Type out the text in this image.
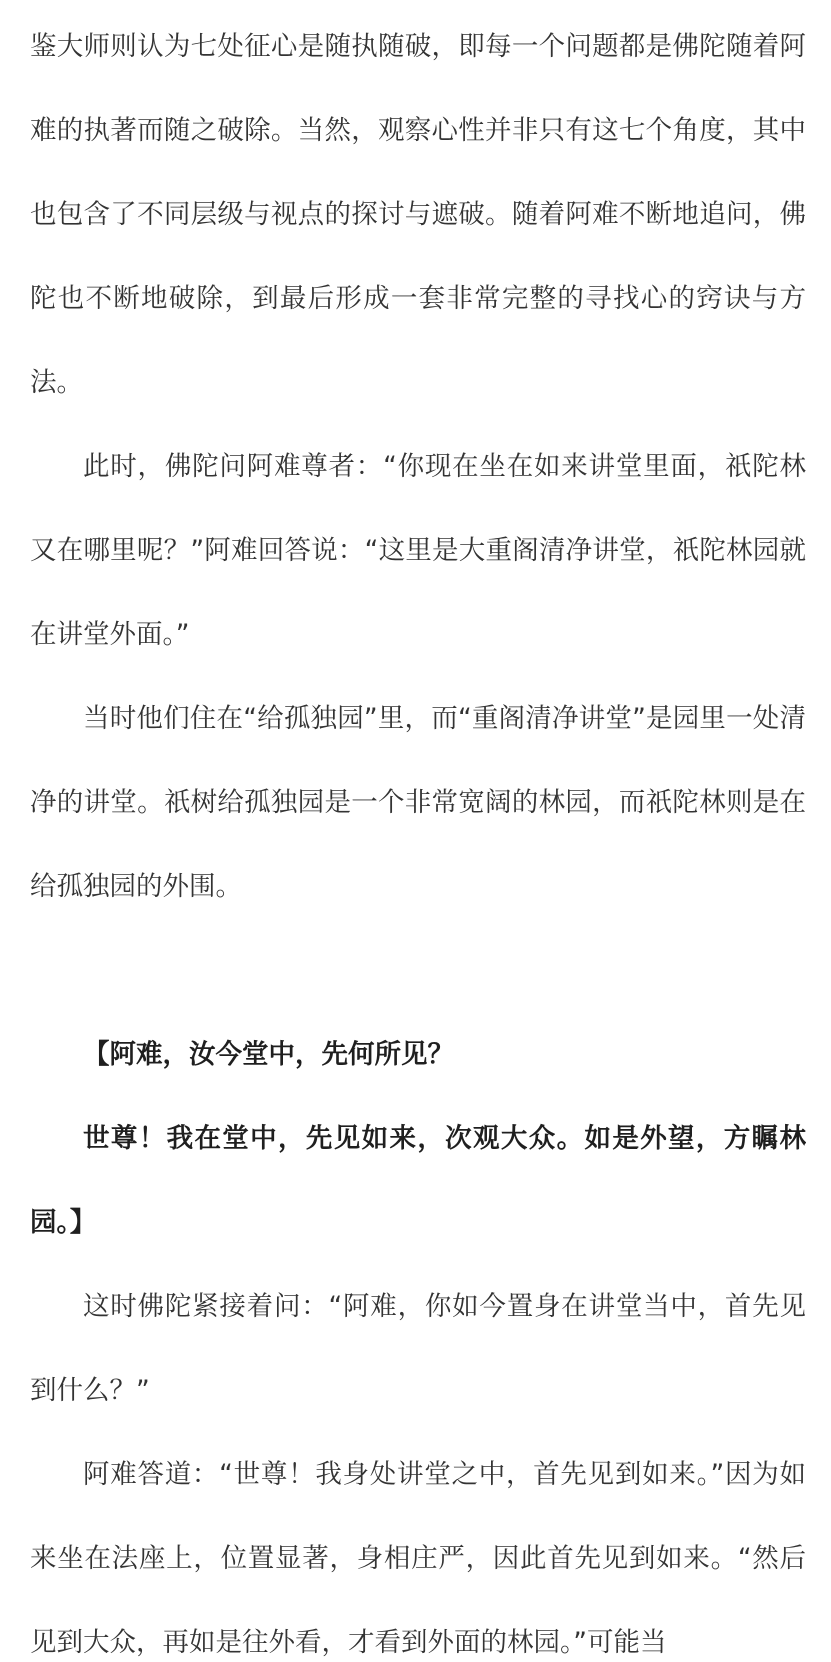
鉴大师则认为七处征心是随执随破，即每一个问题都是佛陀随着阿难的执著而随之破除。当然，观察心性并非只有这七个角度，其中也包含了不同层级与视点的探讨与遮破。随着阿难不断地追问，佛陀也不断地破除，到最后形成一套非常完整的寻找心的窍诀与方法。

此时，佛陀问阿难尊者：“你现在坐在如来讲堂里面，祇陀林又在哪里呢？”阿难回答说：“这里是大重阁清净讲堂，祇陀林园就在讲堂外面。”

当时他们住在“给孤独园”里，而“重阁清净讲堂”是园里一处清净的讲堂。祇树给孤独园是一个非常宽阔的林园，而祇陀林则是在给孤独园的外围。

【阿难，汝今堂中，先何所见？

世尊！我在堂中，先见如来，次观大众。如是外望，方瞩林园。】

这时佛陀紧接着问：“阿难，你如今置身在讲堂当中，首先见到什么？”

阿难答道：“世尊！我身处讲堂之中，首先见到如来。”因为如来坐在法座上，位置显著，身相庄严，因此首先见到如来。“然后见到大众，再如是往外看，才看到外面的林园。”可能当
